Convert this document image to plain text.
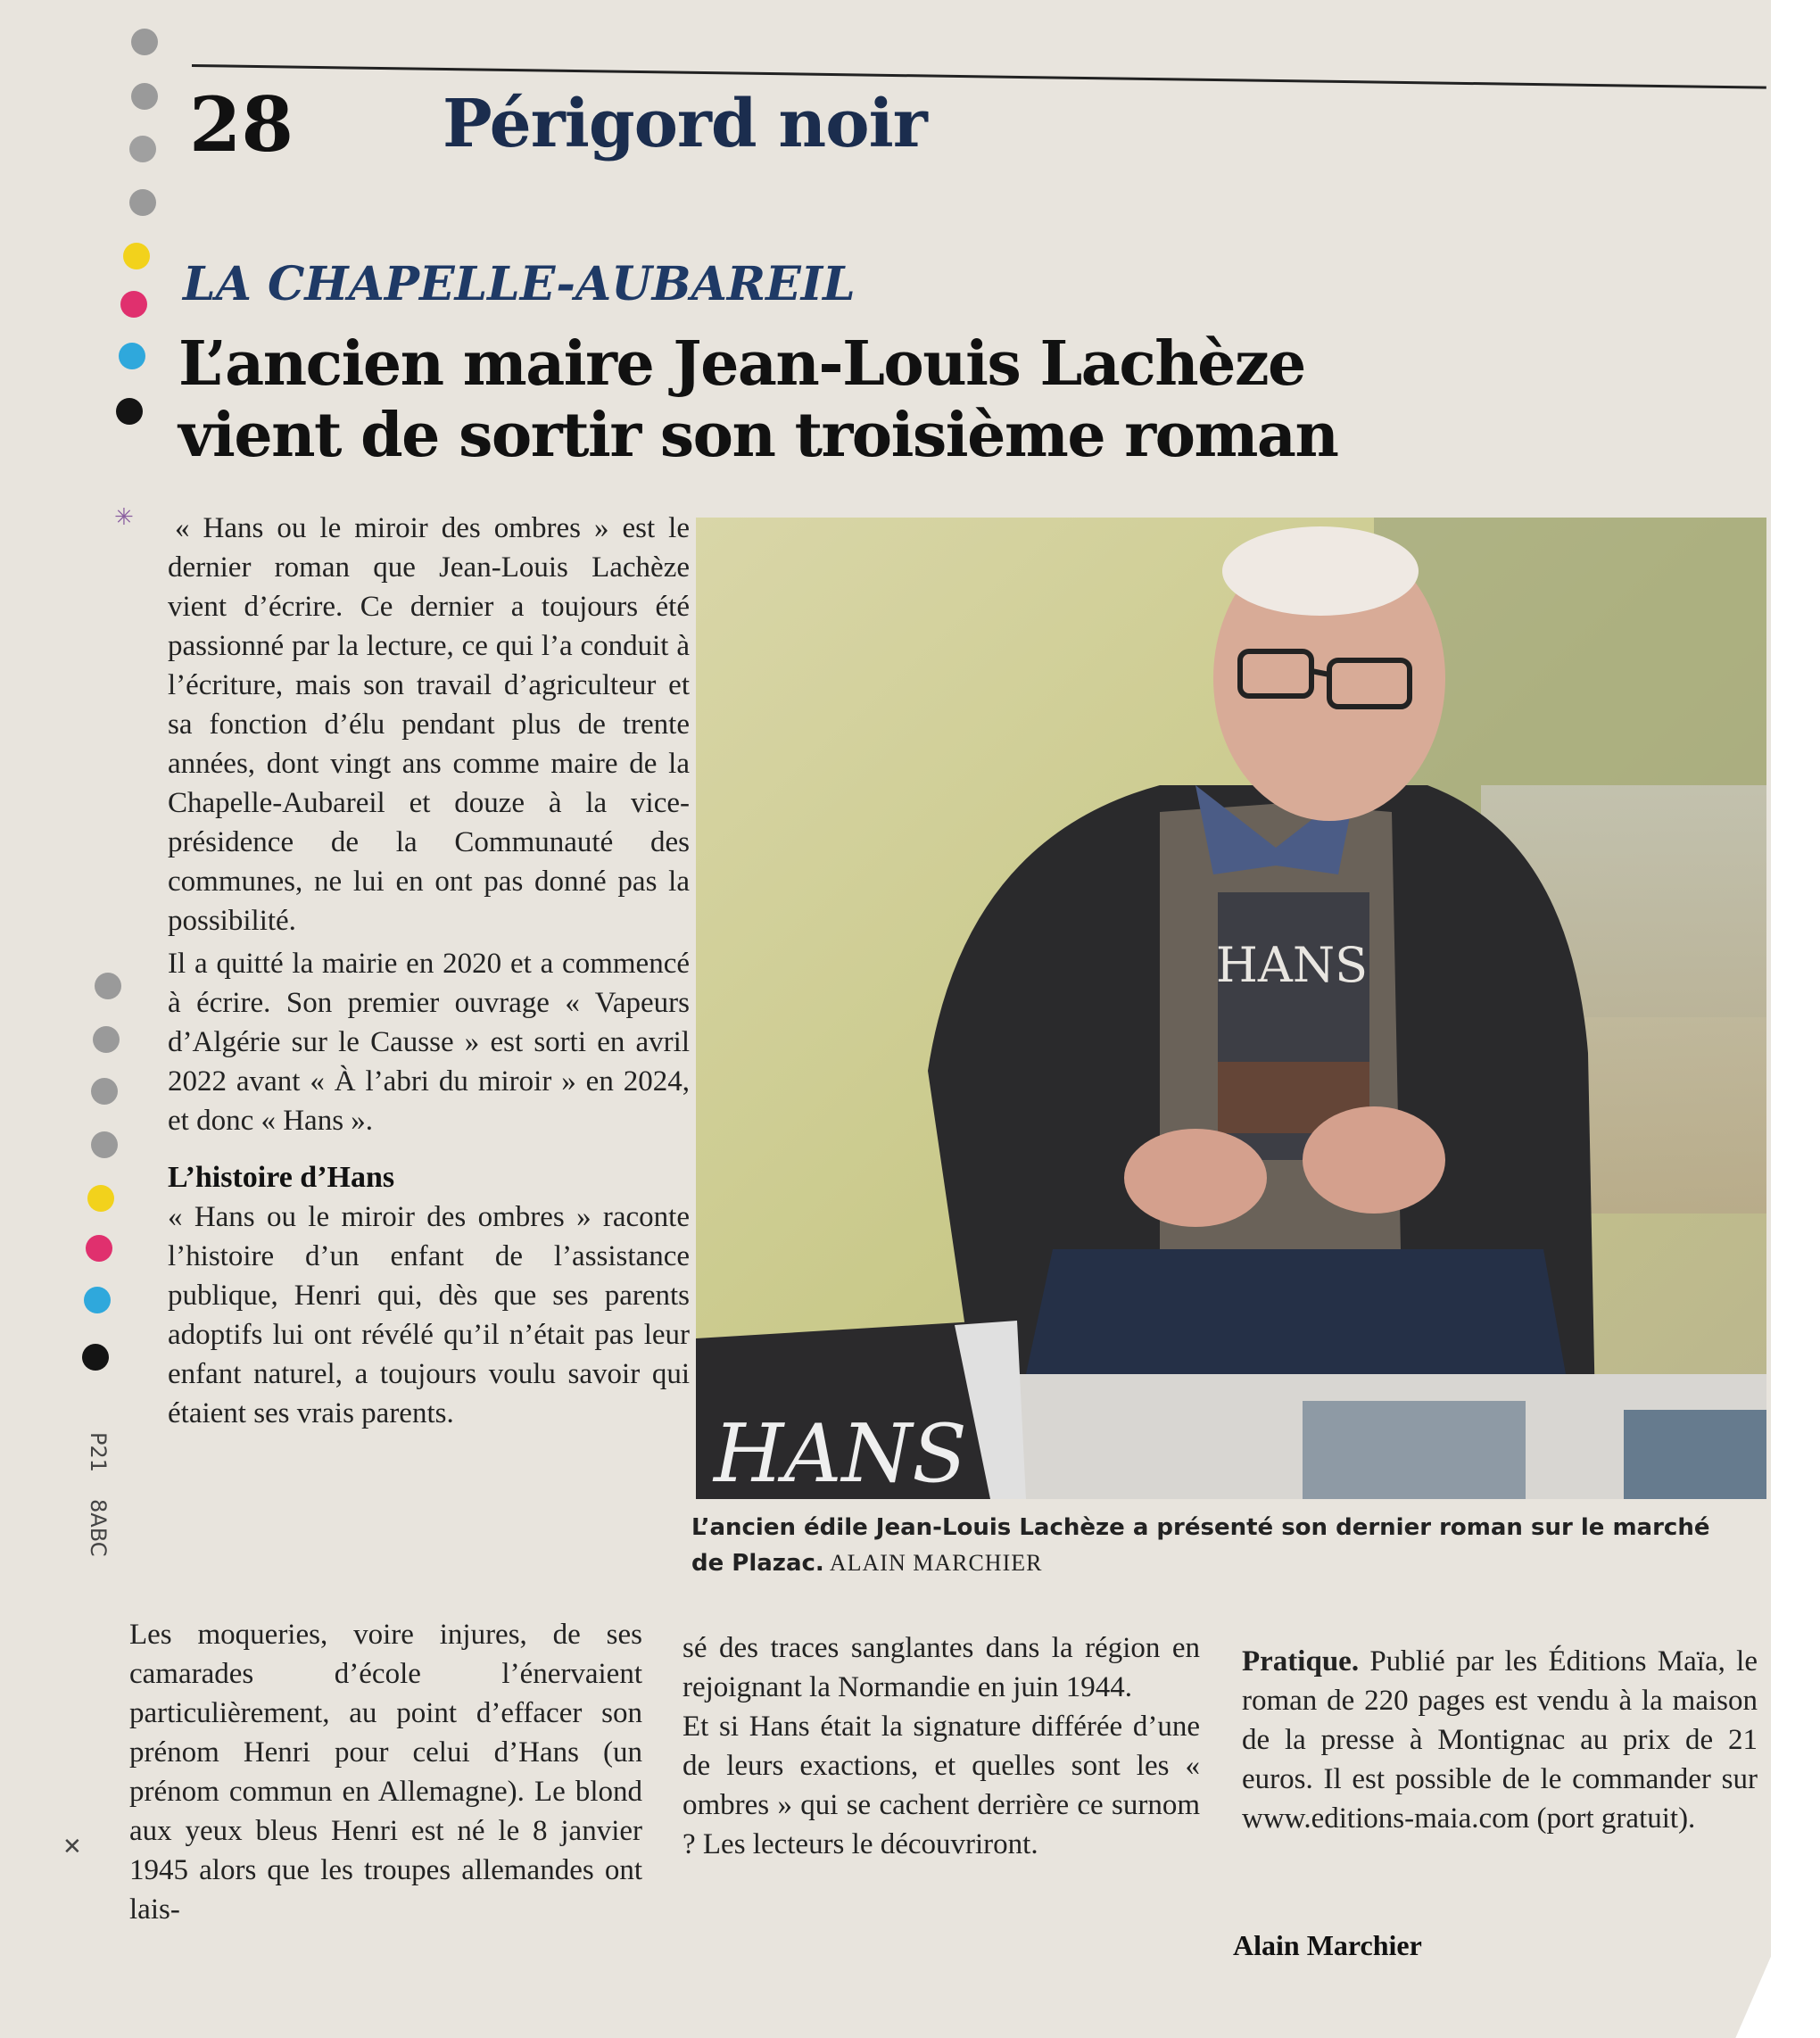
✳
P21
8ABC
✕
28 Périgord noir
LA CHAPELLE-AUBAREIL
L’ancien maire Jean-Louis Lachèze
vient de sortir son troisième roman

« Hans ou le miroir des ombres » est le dernier roman que Jean-Louis Lachèze vient d’écrire. Ce dernier a toujours été passionné par la lecture, ce qui l’a conduit à l’écriture, mais son travail d’agriculteur et sa fonction d’élu pendant plus de trente années, dont vingt ans comme maire de la Chapelle-Aubareil et douze à la vice-présidence de la Communauté des communes, ne lui en ont pas donné pas la possibilité.

Il a quitté la mairie en 2020 et a commencé à écrire. Son premier ouvrage « Vapeurs d’Algérie sur le Causse » est sorti en avril 2022 avant « À l’abri du miroir » en 2024, et donc « Hans ».

L’histoire d’Hans

« Hans ou le miroir des ombres » raconte l’histoire d’un enfant de l’assistance publique, Henri qui, dès que ses parents adoptifs lui ont révélé qu’il n’était pas leur enfant naturel, a toujours voulu savoir qui étaient ses vrais parents.

Les moqueries, voire injures, de ses camarades d’école l’énervaient particulièrement, au point d’effacer son prénom Henri pour celui d’Hans (un prénom commun en Allemagne). Le blond aux yeux bleus Henri est né le 8 janvier 1945 alors que les troupes allemandes ont lais-

HANS
HANS
L’ancien édile Jean-Louis Lachèze a présenté son dernier roman sur le marché de Plazac. ALAIN MARCHIER

sé des traces sanglantes dans la région en rejoignant la Normandie en juin 1944.

Et si Hans était la signature différée d’une de leurs exactions, et quelles sont les « ombres » qui se cachent derrière ce surnom ? Les lecteurs le découvriront.

Pratique. Publié par les Éditions Maïa, le roman de 220 pages est vendu à la maison de la presse à Montignac au prix de 21 euros. Il est possible de le commander sur www.editions-maia.com (port gratuit).

Alain Marchier
